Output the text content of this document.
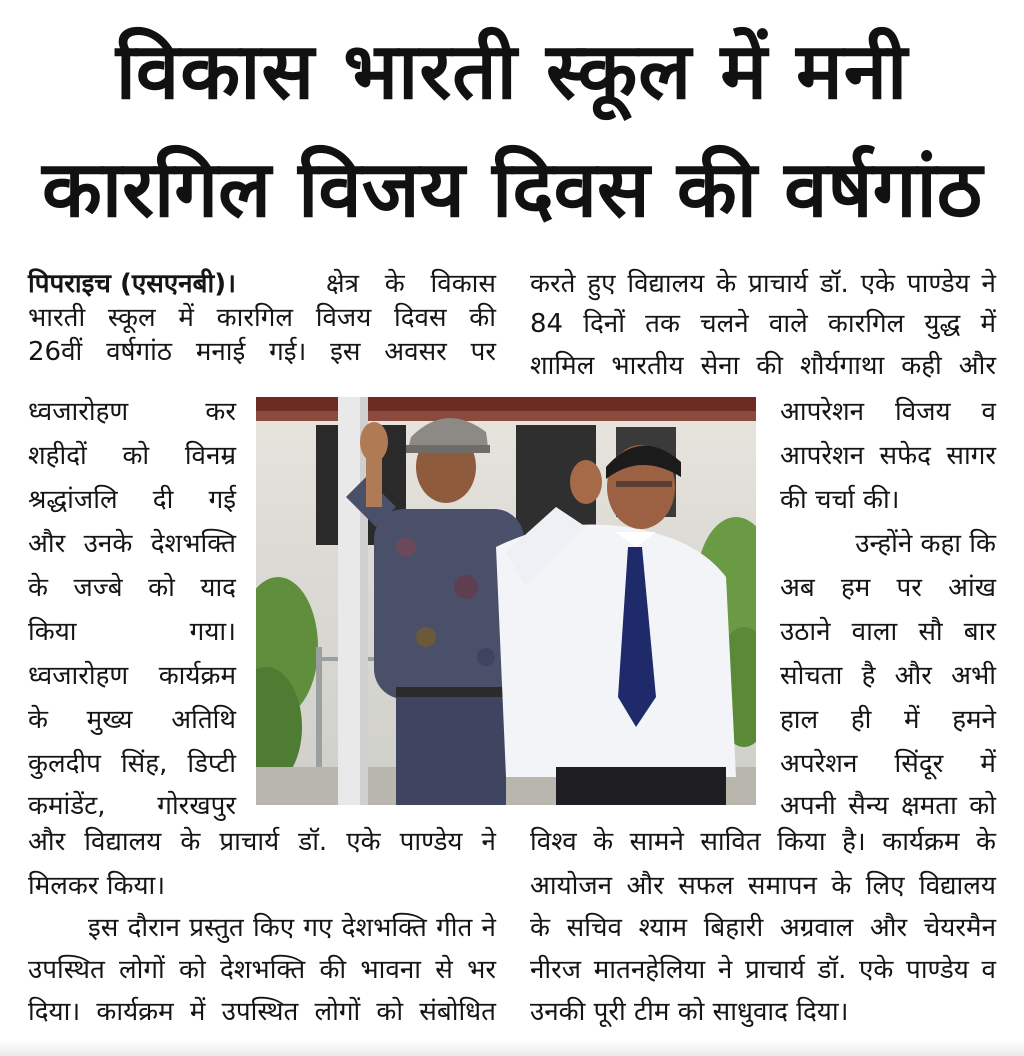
विकास भारती स्कूल में मनी
कारगिल विजय दिवस की वर्षगांठ
पिपराइच (एसएनबी)।	क्षेत्र के विकास
भारती स्कूल में कारगिल विजय दिवस की
26वीं वर्षगांठ मनाई गई। इस अवसर पर
ध्वजारोहण कर
शहीदों को विनम्र
श्रद्धांजलि दी गई
और उनके देशभक्ति
के जज्बे को याद
किया गया।
ध्वजारोहण कार्यक्रम
के मुख्य अतिथि
कुलदीप सिंह, डिप्टी
कमांडेंट, गोरखपुर
और विद्यालय के प्राचार्य डॉ. एके पाण्डेय ने
मिलकर किया।
इस दौरान प्रस्तुत किए गए देशभक्ति गीत ने
उपस्थित लोगों को देशभक्ति की भावना से भर
दिया। कार्यक्रम में उपस्थित लोगों को संबोधित
करते हुए विद्यालय के प्राचार्य डॉ. एके पाण्डेय ने
84 दिनों तक चलने वाले कारगिल युद्ध में
शामिल भारतीय सेना की शौर्यगाथा कही और
आपरेशन विजय व
आपरेशन सफेद सागर
की चर्चा की।
उन्होंने कहा कि
अब हम पर आंख
उठाने वाला सौ बार
सोचता है और अभी
हाल ही में हमने
अपरेशन सिंदूर में
अपनी सैन्य क्षमता को
विश्व के सामने सावित किया है। कार्यक्रम के
आयोजन और सफल समापन के लिए विद्यालय
के सचिव श्याम बिहारी अग्रवाल और चेयरमैन
नीरज मातनहेलिया ने प्राचार्य डॉ. एके पाण्डेय व
उनकी पूरी टीम को साधुवाद दिया।
